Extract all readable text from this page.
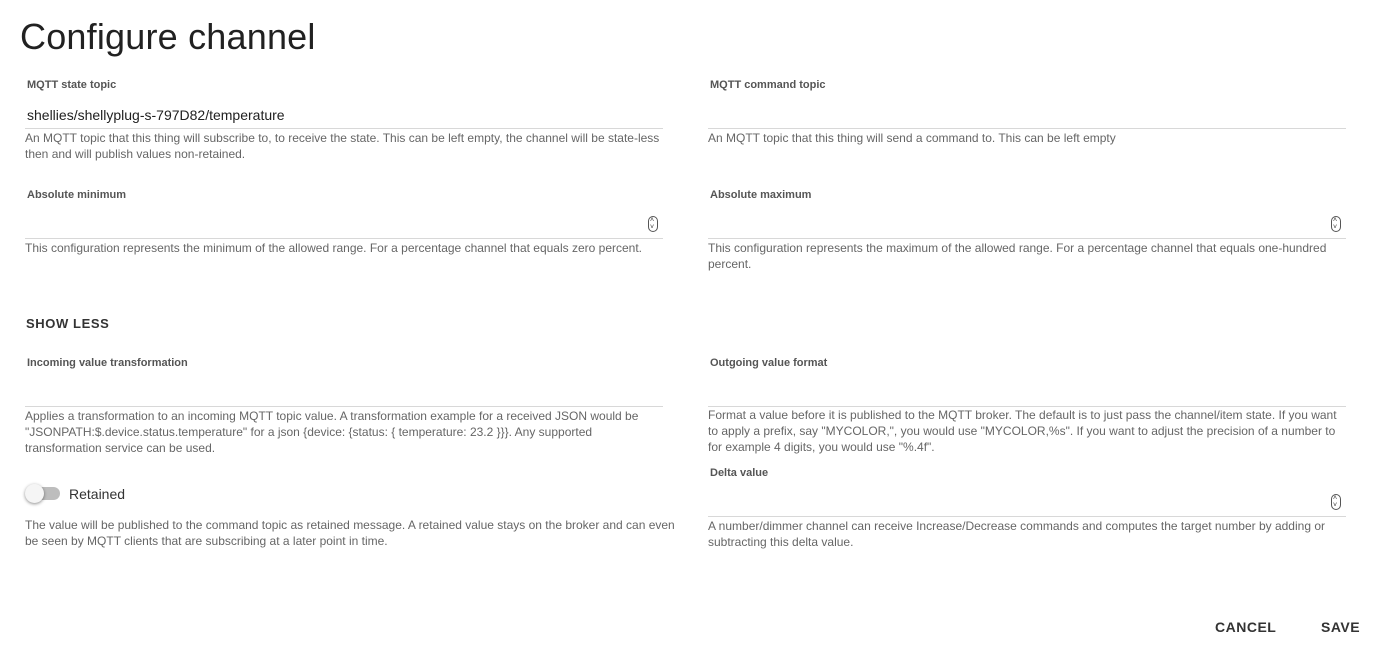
Configure channel
MQTT state topic
shellies/shellyplug-s-797D82/temperature
An MQTT topic that this thing will subscribe to, to receive the state. This can be left empty, the channel will be state-less then and will publish values non-retained.
Absolute minimum
˄
˅
This configuration represents the minimum of the allowed range. For a percentage channel that equals zero percent.
SHOW LESS
Incoming value transformation
Applies a transformation to an incoming MQTT topic value. A transformation example for a received JSON would be "JSONPATH:$.device.status.temperature" for a json {device: {status: { temperature: 23.2 }}}. Any supported transformation service can be used.
Retained
The value will be published to the command topic as retained message. A retained value stays on the broker and can even be seen by MQTT clients that are subscribing at a later point in time.
MQTT command topic
An MQTT topic that this thing will send a command to. This can be left empty
Absolute maximum
˄
˅
This configuration represents the maximum of the allowed range. For a percentage channel that equals one-hundred percent.
Outgoing value format
Format a value before it is published to the MQTT broker. The default is to just pass the channel/item state. If you want to apply a prefix, say "MYCOLOR,", you would use "MYCOLOR,%s". If you want to adjust the precision of a number to for example 4 digits, you would use "%.4f".
Delta value
˄
˅
A number/dimmer channel can receive Increase/Decrease commands and computes the target number by adding or subtracting this delta value.
CANCEL	SAVE
